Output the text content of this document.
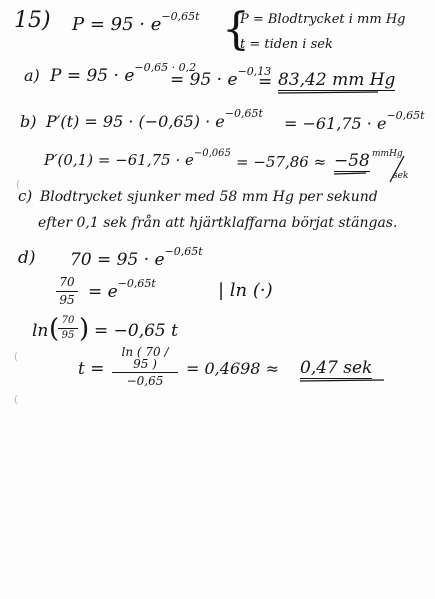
15) $P = 95 \cdot e^{-0,65t}$ {
P = Blodtrycket i mm Hg
t = tiden i sek
a) $P = 95 \cdot e^{-0,65 \cdot 0,2}$
= $95 \cdot e^{-0,13}$
= 83,42 mm Hg
b) $P'(t) = 95 \cdot (-0,65) \cdot e^{-0,65t}$
= $-61,75 \cdot e^{-0,65t}$
$P'(0,1) = -61,75 \cdot e^{-0,065} = -57,86 \approx -58$ mmHg
sek
c) Blodtrycket sjunker med 58 mm Hg per sekund
efter 0,1 sek från att hjärtklaffarna börjat stängas.
d) $70 = 95 \cdot e^{-0,65t}$
70
$95 = e^{-0,65t}$	| ln (·)
ln ( 70
95 ) = −0,65 t
t =
ln ( 70 / 95 )
−0,65
= 0,4698 ≈ 0,47 sek
(
(
(
